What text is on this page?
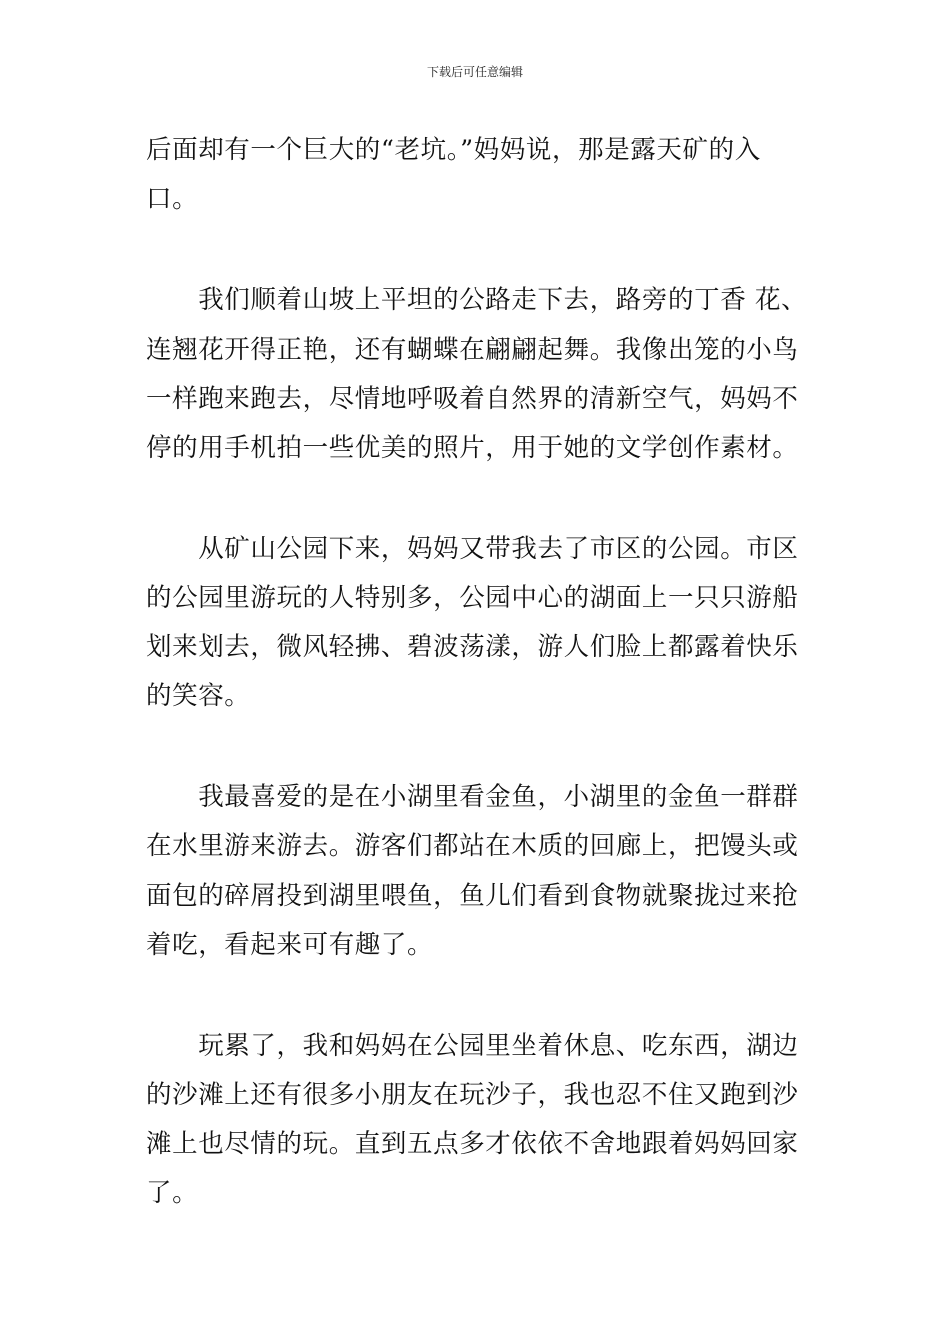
下载后可任意编辑
后面却有一个巨大的“老坑。”妈妈说，那是露天矿的入
口。
　　我们顺着山坡上平坦的公路走下去，路旁的丁香 花、
连翘花开得正艳，还有蝴蝶在翩翩起舞。我像出笼的小鸟
一样跑来跑去，尽情地呼吸着自然界的清新空气，妈妈不
停的用手机拍一些优美的照片，用于她的文学创作素材。
　　从矿山公园下来，妈妈又带我去了市区的公园。市区
的公园里游玩的人特别多，公园中心的湖面上一只只游船
划来划去，微风轻拂、碧波荡漾，游人们脸上都露着快乐
的笑容。
　　我最喜爱的是在小湖里看金鱼，小湖里的金鱼一群群
在水里游来游去。游客们都站在木质的回廊上，把馒头或
面包的碎屑投到湖里喂鱼，鱼儿们看到食物就聚拢过来抢
着吃，看起来可有趣了。
　　玩累了，我和妈妈在公园里坐着休息、吃东西，湖边
的沙滩上还有很多小朋友在玩沙子，我也忍不住又跑到沙
滩上也尽情的玩。直到五点多才依依不舍地跟着妈妈回家
了。
